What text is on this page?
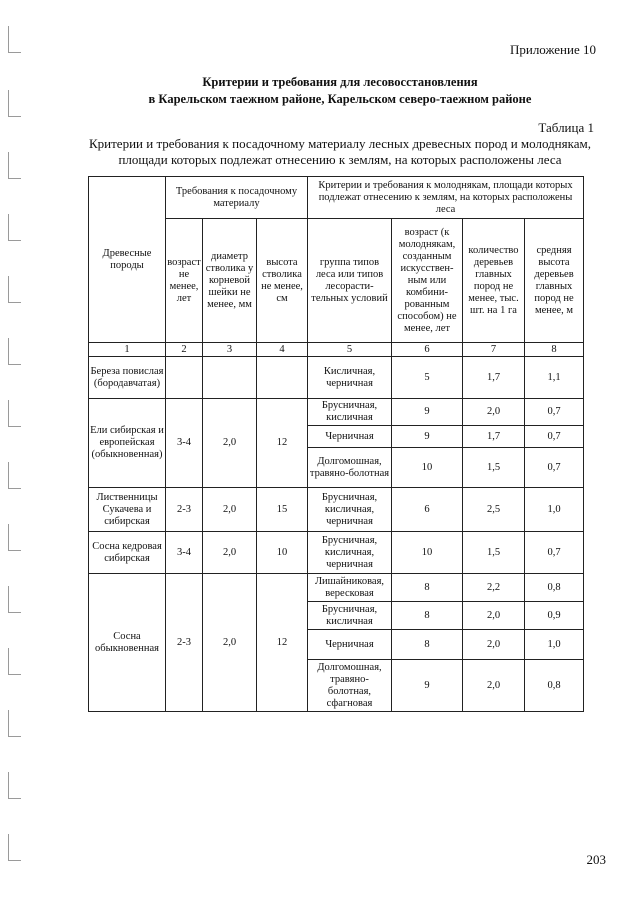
Приложение 10
Критерии и требования для лесовосстановления
в Карельском таежном районе, Карельском северо-таежном районе
Таблица 1
Критерии и требования к посадочному материалу лесных древесных пород и молоднякам,
площади которых подлежат отнесению к землям, на которых расположены леса
Древесные породы	Требования к посадочному материалу			Критерии и требования к молоднякам, площади которых подлежат отнесению к землям, на которых расположены леса			
	возраст не менее, лет	диаметр стволика у корневой шейки не менее, мм	высота стволика не менее, см	группа типов леса или типов лесорасти-тельных условий	возраст (к молоднякам, созданным искусствен-ным или комбини-рованным способом) не менее, лет	количество деревьев главных пород не менее, тыс. шт. на 1 га	средняя высота деревьев главных пород не менее, м
1	2	3	4	5	6	7	8
Береза повислая (бородавчатая)				Кисличная, черничная	5	1,7	1,1
Ели сибирская и европейская (обыкновенная)	3-4	2,0	12	Брусничная, кисличная	9	2,0	0,7
				Черничная	9	1,7	0,7
				Долгомошная, травяно-болотная	10	1,5	0,7
Лиственницы Сукачева и сибирская	2-3	2,0	15	Брусничная, кисличная, черничная	6	2,5	1,0
Сосна кедровая сибирская	3-4	2,0	10	Брусничная, кисличная, черничная	10	1,5	0,7
Сосна обыкновенная	2-3	2,0	12	Лишайниковая, вересковая	8	2,2	0,8
				Брусничная, кисличная	8	2,0	0,9
				Черничная	8	2,0	1,0
				Долгомошная, травяно-болотная, сфагновая	9	2,0	0,8
203
